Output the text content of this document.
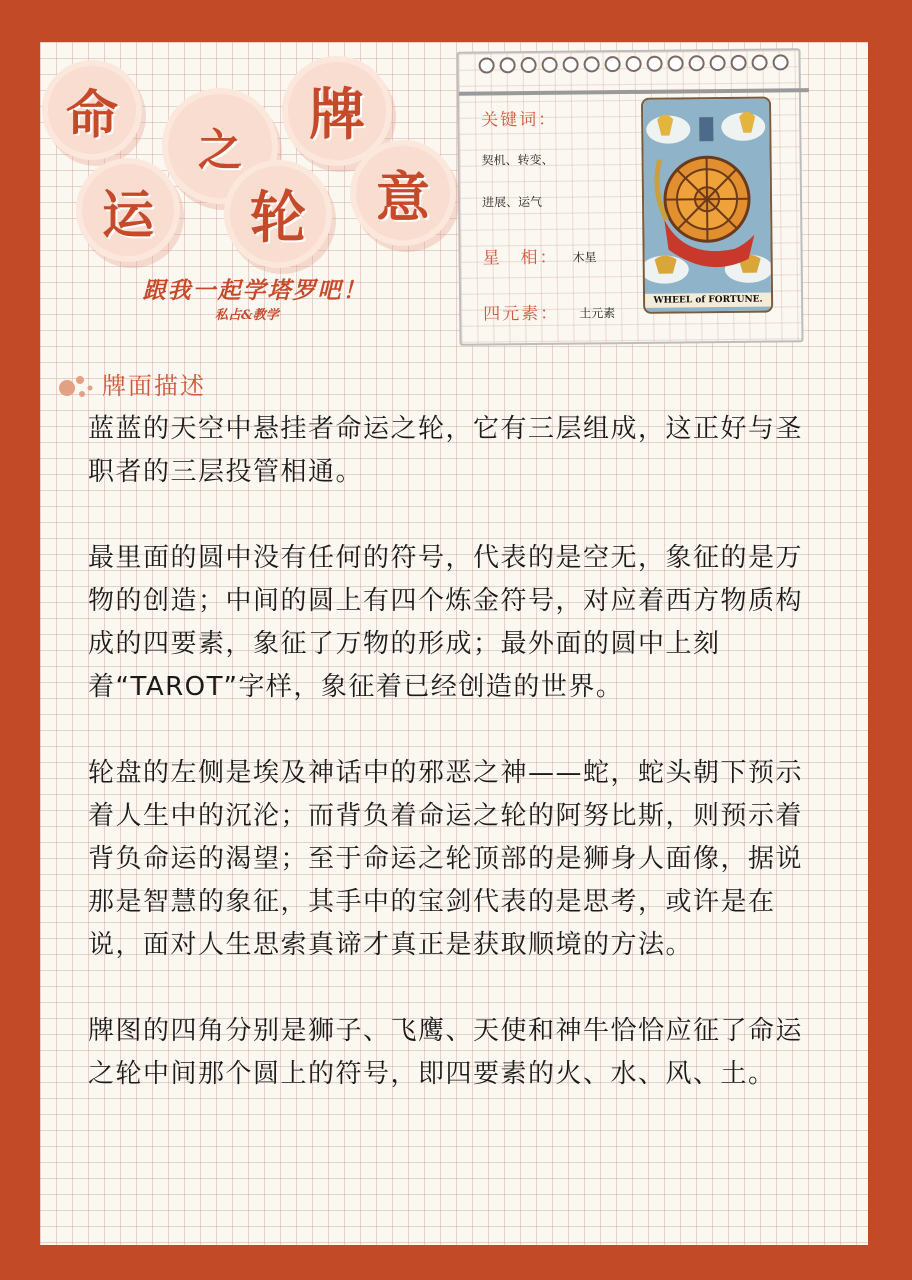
命
运
之
轮
牌
意
跟我一起学塔罗吧！
私占&教学
关键词：
契机、转变、
进展、运气
星　相： 木星
四元素： 土元素
WHEEL of FORTUNE.
牌面描述

蓝蓝的天空中悬挂者命运之轮，它有三层组成，这正好与圣职者的三层投管相通。

最里面的圆中没有任何的符号，代表的是空无，象征的是万物的创造；中间的圆上有四个炼金符号，对应着西方物质构成的四要素，象征了万物的形成；最外面的圆中上刻着“TAROT”字样，象征着已经创造的世界。

轮盘的左侧是埃及神话中的邪恶之神——蛇，蛇头朝下预示着人生中的沉沦；而背负着命运之轮的阿努比斯，则预示着背负命运的渴望；至于命运之轮顶部的是狮身人面像，据说那是智慧的象征，其手中的宝剑代表的是思考，或许是在说，面对人生思索真谛才真正是获取顺境的方法。

牌图的四角分别是狮子、飞鹰、天使和神牛恰恰应征了命运之轮中间那个圆上的符号，即四要素的火、水、风、土。
